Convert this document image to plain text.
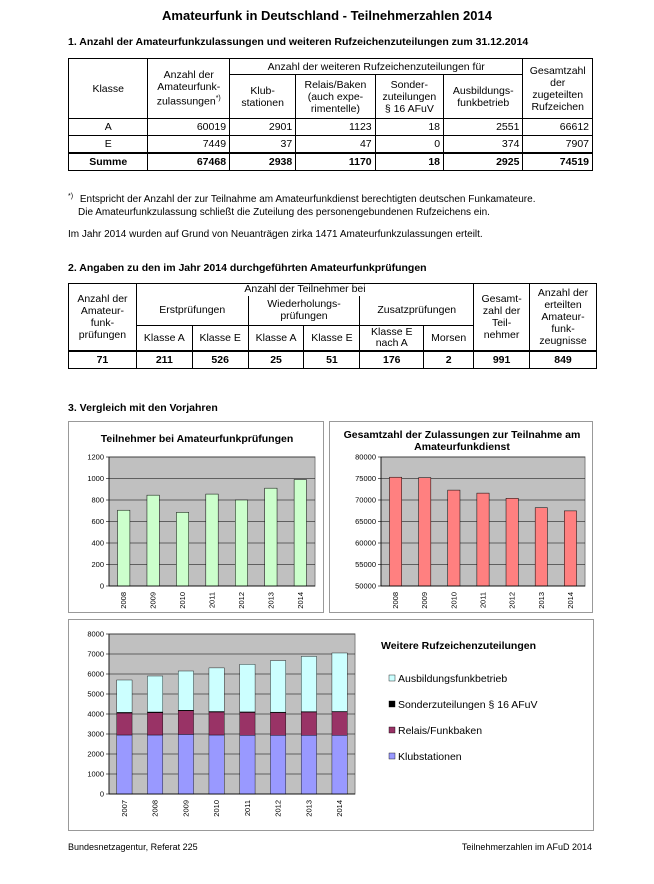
Amateurfunk in Deutschland - Teilnehmerzahlen 2014
1. Anzahl der Amateurfunkzulassungen und weiteren Rufzeichenzuteilungen zum 31.12.2014
Klasse	Anzahl der Amateurfunk-zulassungen*)	Anzahl der weiteren Rufzeichenzuteilungen für				Gesamtzahl der zugeteilten Rufzeichen
		Klub-stationen	Relais/Baken (auch expe-rimentelle)	Sonder-zuteilungen § 16 AFuV	Ausbildungs-funkbetrieb	
A	60019	2901	1123	18	2551	66612
E	7449	37	47	0	374	7907
Summe	67468	2938	1170	18	2925	74519
*) Entspricht der Anzahl der zur Teilnahme am Amateurfunkdienst berechtigten deutschen Funkamateure.
Die Amateurfunkzulassung schließt die Zuteilung des personengebundenen Rufzeichens ein.
Im Jahr 2014 wurden auf Grund von Neuanträgen zirka 1471 Amateurfunkzulassungen erteilt.
2. Angaben zu den im Jahr 2014 durchgeführten Amateurfunkprüfungen
Anzahl der Amateur-funk-prüfungen	Anzahl der Teilnehmer bei						Gesamt-zahl der Teil-nehmer	Anzahl der erteilten Amateur-funk-zeugnisse
	Erstprüfungen		Wiederholungs-prüfungen		Zusatzprüfungen			
	Klasse A	Klasse E	Klasse A	Klasse E	Klasse E nach A	Morsen		
71	211	526	25	51	176	2	991	849
3. Vergleich mit den Vorjahren
Teilnehmer bei Amateurfunkprüfungen
0
200
400
600
800
1000
1200
2008	2009	2010	2011	2012	2013	2014
Gesamtzahl der Zulassungen zur Teilnahme am Amateurfunkdienst
50000
55000
60000
65000
70000
75000
80000
2008	2009	2010	2011	2012	2013	2014
Weitere Rufzeichenzuteilungen
0
1000
2000
3000
4000
5000
6000
7000
8000
2007	2008	2009	2010	2011	2012	2013	2014
Ausbildungsfunkbetrieb
Sonderzuteilungen § 16 AFuV
Relais/Funkbaken
Klubstationen
Bundesnetzagentur, Referat 225	Teilnehmerzahlen im AFuD 2014
